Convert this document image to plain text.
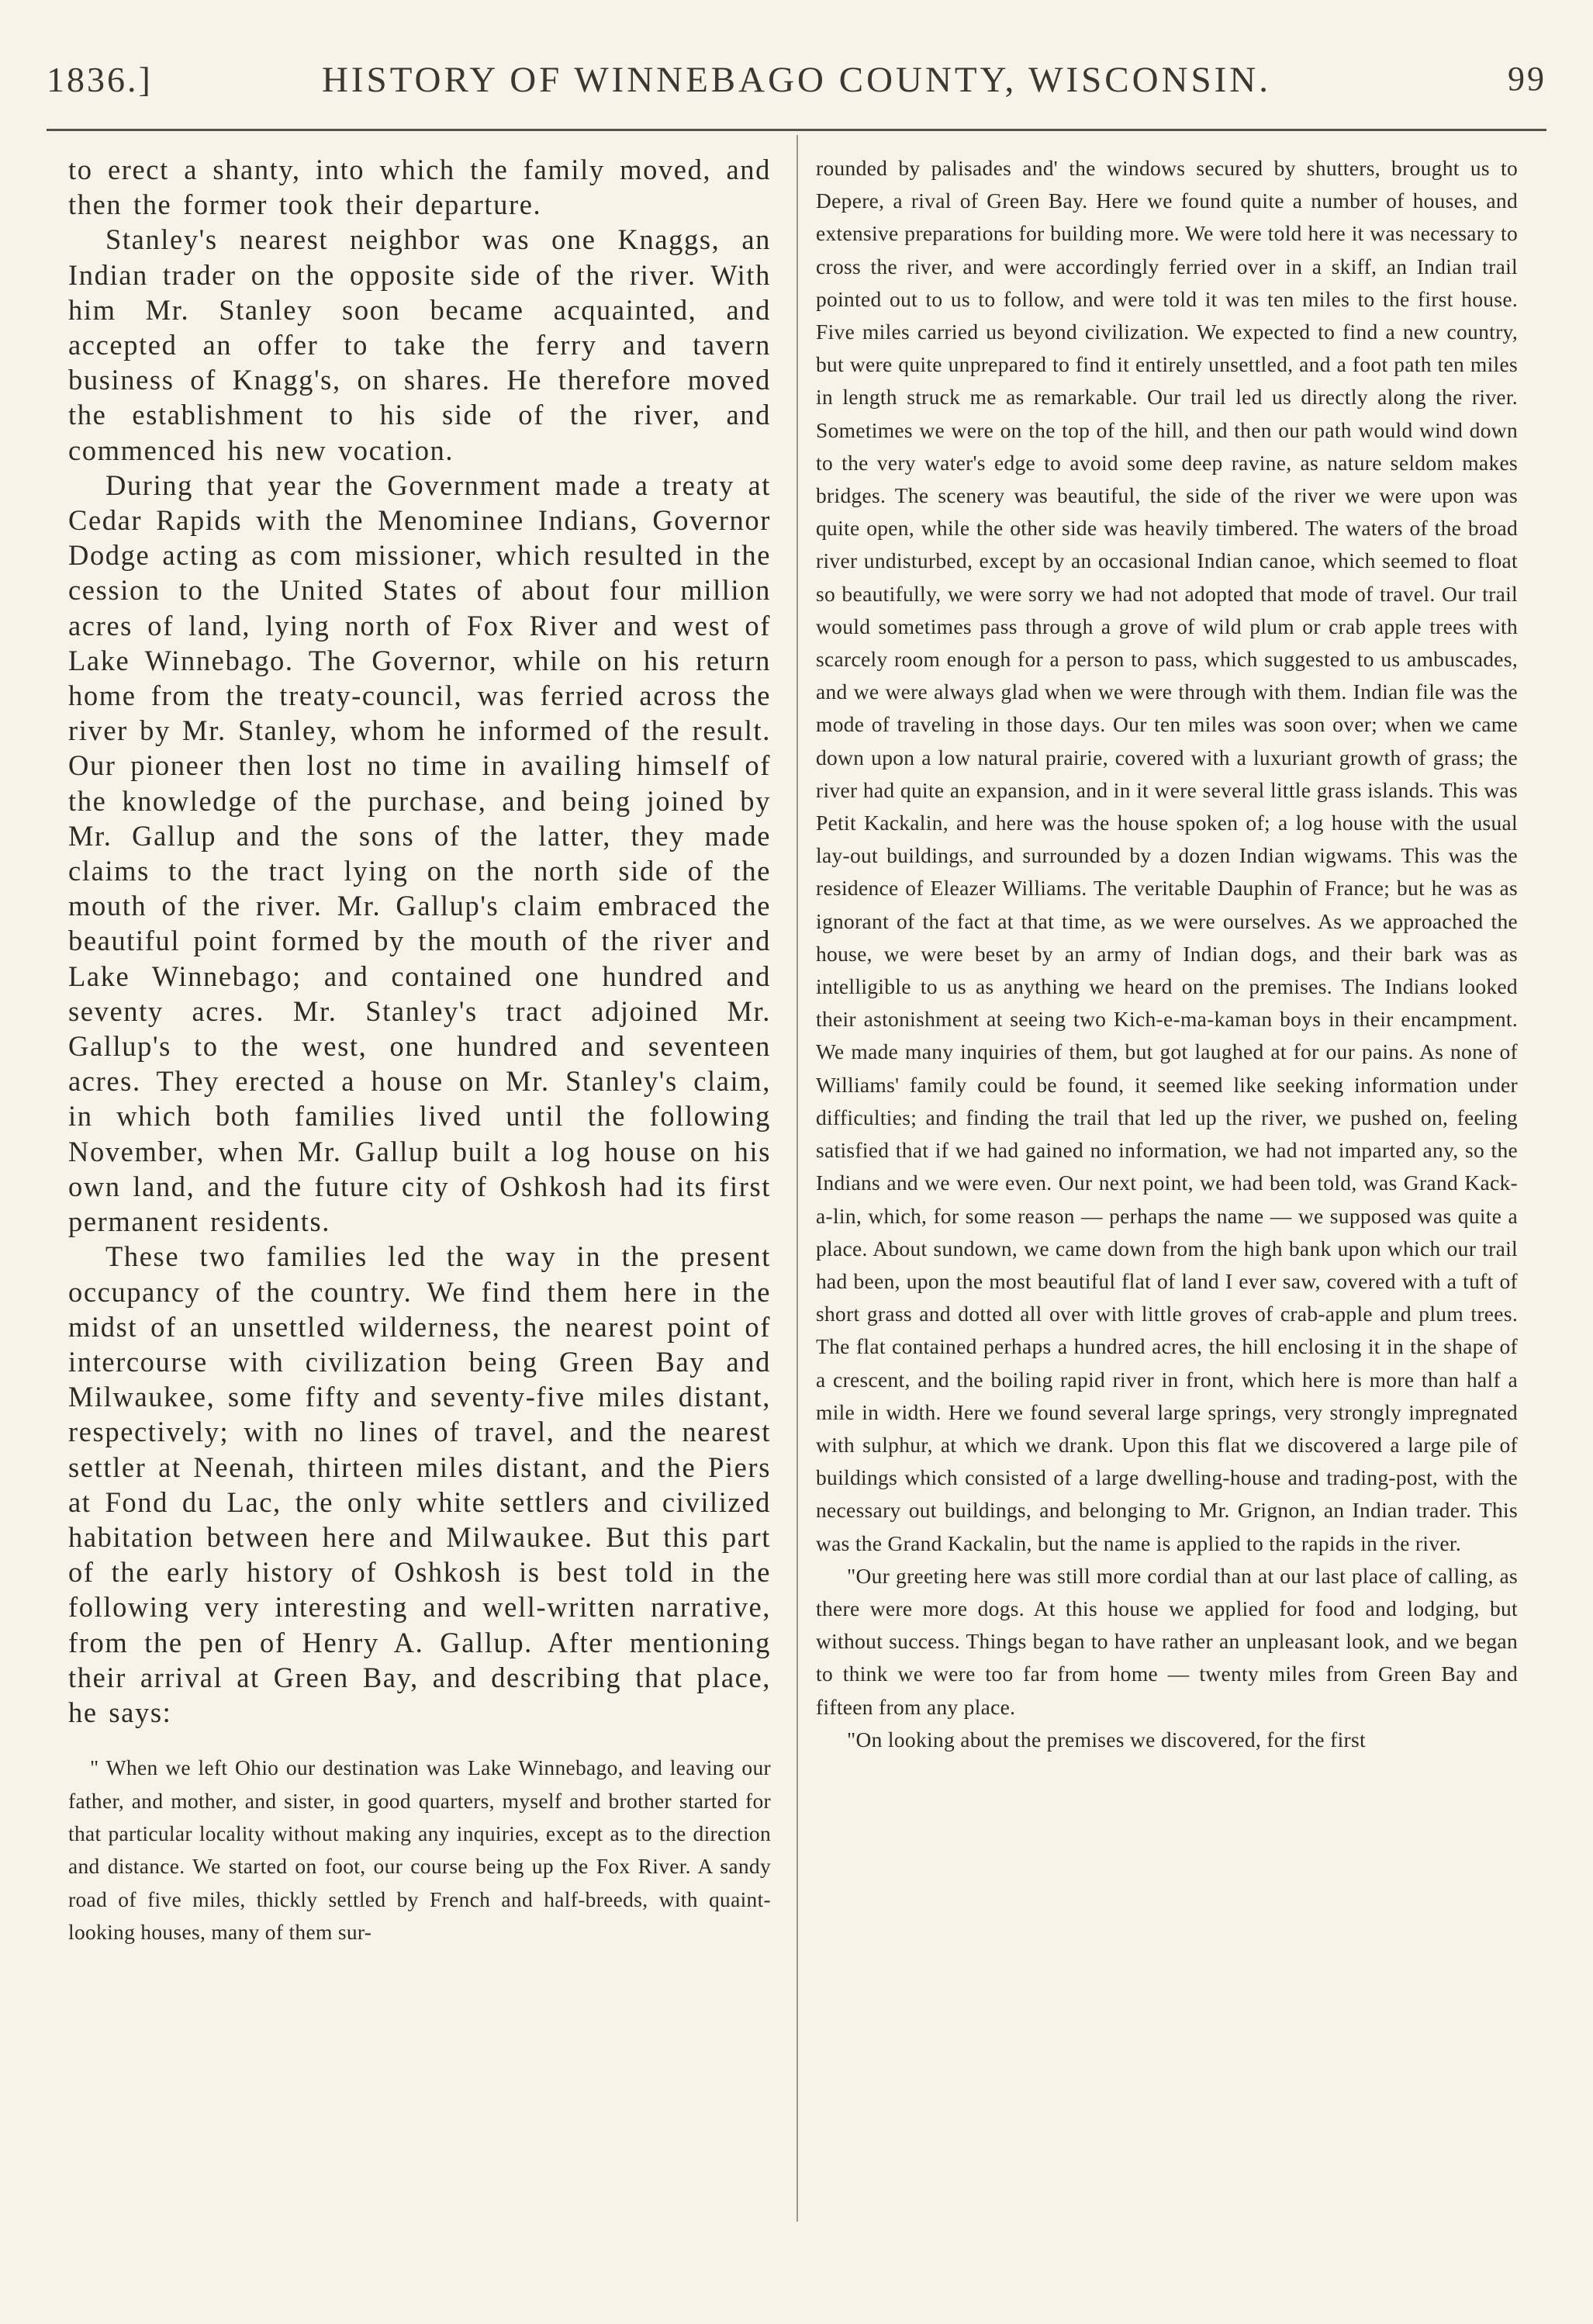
1836.]	HISTORY OF WINNEBAGO COUNTY, WISCONSIN.	99

to erect a shanty, into which the family moved, and then the former took their departure.

Stanley's nearest neighbor was one Knaggs, an Indian trader on the opposite side of the river. With him Mr. Stanley soon became acquainted, and accepted an offer to take the ferry and tavern business of Knagg's, on shares. He therefore moved the establishment to his side of the river, and commenced his new vocation.

During that year the Government made a treaty at Cedar Rapids with the Menominee Indians, Governor Dodge acting as com missioner, which resulted in the cession to the United States of about four million acres of land, lying north of Fox River and west of Lake Winnebago. The Governor, while on his return home from the treaty-council, was ferried across the river by Mr. Stanley, whom he informed of the result. Our pioneer then lost no time in availing himself of the knowledge of the purchase, and being joined by Mr. Gallup and the sons of the latter, they made claims to the tract lying on the north side of the mouth of the river. Mr. Gallup's claim embraced the beautiful point formed by the mouth of the river and Lake Winnebago; and contained one hundred and seventy acres. Mr. Stanley's tract adjoined Mr. Gallup's to the west, one hundred and seventeen acres. They erected a house on Mr. Stanley's claim, in which both families lived until the following November, when Mr. Gallup built a log house on his own land, and the future city of Oshkosh had its first permanent residents.

These two families led the way in the present occupancy of the country. We find them here in the midst of an unsettled wilderness, the nearest point of intercourse with civilization being Green Bay and Milwaukee, some fifty and seventy-five miles distant, respectively; with no lines of travel, and the nearest settler at Neenah, thirteen miles distant, and the Piers at Fond du Lac, the only white settlers and civilized habitation between here and Milwaukee. But this part of the early history of Oshkosh is best told in the following very interesting and well-written narrative, from the pen of Henry A. Gallup. After mentioning their arrival at Green Bay, and describing that place, he says:

" When we left Ohio our destination was Lake Winnebago, and leaving our father, and mother, and sister, in good quarters, myself and brother started for that particular locality without making any inquiries, except as to the direction and distance. We started on foot, our course being up the Fox River. A sandy road of five miles, thickly settled by French and half-breeds, with quaint-looking houses, many of them sur-

rounded by palisades and' the windows secured by shutters, brought us to Depere, a rival of Green Bay. Here we found quite a number of houses, and extensive preparations for building more. We were told here it was necessary to cross the river, and were accordingly ferried over in a skiff, an Indian trail pointed out to us to follow, and were told it was ten miles to the first house. Five miles carried us beyond civilization. We expected to find a new country, but were quite unprepared to find it entirely unsettled, and a foot path ten miles in length struck me as remarkable. Our trail led us directly along the river. Sometimes we were on the top of the hill, and then our path would wind down to the very water's edge to avoid some deep ravine, as nature seldom makes bridges. The scenery was beautiful, the side of the river we were upon was quite open, while the other side was heavily timbered. The waters of the broad river undisturbed, except by an occasional Indian canoe, which seemed to float so beautifully, we were sorry we had not adopted that mode of travel. Our trail would sometimes pass through a grove of wild plum or crab apple trees with scarcely room enough for a person to pass, which suggested to us ambuscades, and we were always glad when we were through with them. Indian file was the mode of traveling in those days. Our ten miles was soon over; when we came down upon a low natural prairie, covered with a luxuriant growth of grass; the river had quite an expansion, and in it were several little grass islands. This was Petit Kackalin, and here was the house spoken of; a log house with the usual lay-out buildings, and surrounded by a dozen Indian wigwams. This was the residence of Eleazer Williams. The veritable Dauphin of France; but he was as ignorant of the fact at that time, as we were ourselves. As we approached the house, we were beset by an army of Indian dogs, and their bark was as intelligible to us as anything we heard on the premises. The Indians looked their astonishment at seeing two Kich-e-ma-kaman boys in their encampment. We made many inquiries of them, but got laughed at for our pains. As none of Williams' family could be found, it seemed like seeking information under difficulties; and finding the trail that led up the river, we pushed on, feeling satisfied that if we had gained no information, we had not imparted any, so the Indians and we were even. Our next point, we had been told, was Grand Kack-a-lin, which, for some reason — perhaps the name — we supposed was quite a place. About sundown, we came down from the high bank upon which our trail had been, upon the most beautiful flat of land I ever saw, covered with a tuft of short grass and dotted all over with little groves of crab-apple and plum trees. The flat contained perhaps a hundred acres, the hill enclosing it in the shape of a crescent, and the boiling rapid river in front, which here is more than half a mile in width. Here we found several large springs, very strongly impregnated with sulphur, at which we drank. Upon this flat we discovered a large pile of buildings which consisted of a large dwelling-house and trading-post, with the necessary out buildings, and belonging to Mr. Grignon, an Indian trader. This was the Grand Kackalin, but the name is applied to the rapids in the river.

"Our greeting here was still more cordial than at our last place of calling, as there were more dogs. At this house we applied for food and lodging, but without success. Things began to have rather an unpleasant look, and we began to think we were too far from home — twenty miles from Green Bay and fifteen from any place.

"On looking about the premises we discovered, for the first
